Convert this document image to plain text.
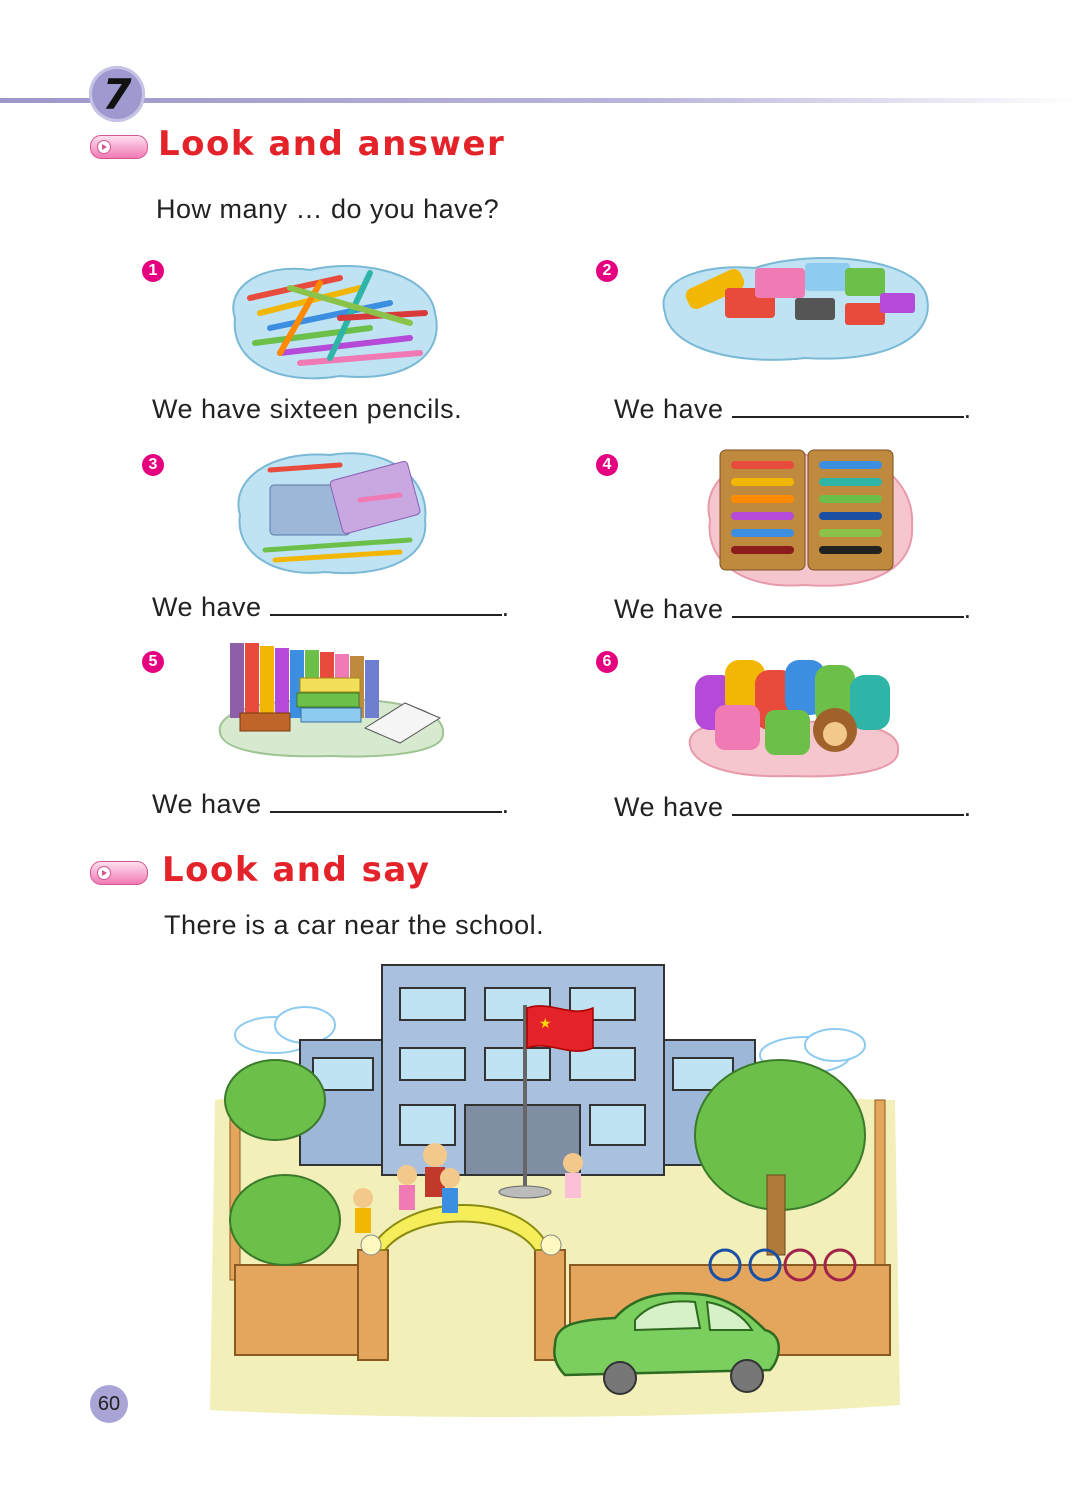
7
Look and answer
How many … do you have?
1
We have sixteen pencils.
2
We have	.
3
We have	.
4
We have	.
5
We have	.
6
We have	.
Look and say
There is a car near the school.
★
60
